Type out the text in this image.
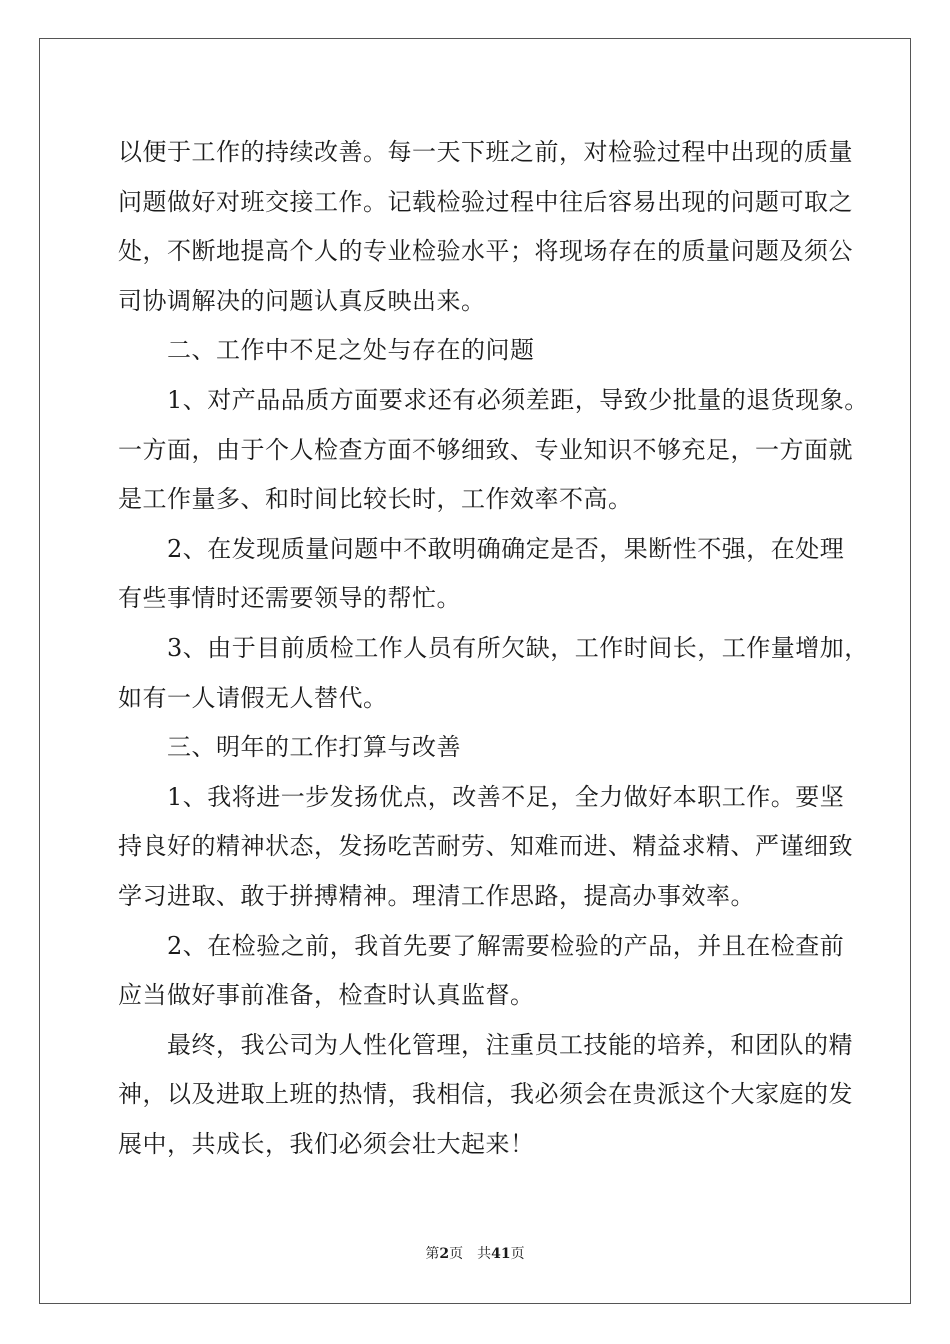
以便于工作的持续改善。每一天下班之前，对检验过程中出现的质量
问题做好对班交接工作。记载检验过程中往后容易出现的问题可取之
处，不断地提高个人的专业检验水平；将现场存在的质量问题及须公
司协调解决的问题认真反映出来。
　　二、工作中不足之处与存在的问题
　　1、对产品品质方面要求还有必须差距，导致少批量的退货现象。
一方面，由于个人检查方面不够细致、专业知识不够充足，一方面就
是工作量多、和时间比较长时，工作效率不高。
　　2、在发现质量问题中不敢明确确定是否，果断性不强，在处理
有些事情时还需要领导的帮忙。
　　3、由于目前质检工作人员有所欠缺，工作时间长，工作量增加，
如有一人请假无人替代。
　　三、明年的工作打算与改善
　　1、我将进一步发扬优点，改善不足，全力做好本职工作。要坚
持良好的精神状态，发扬吃苦耐劳、知难而进、精益求精、严谨细致
学习进取、敢于拼搏精神。理清工作思路，提高办事效率。
　　2、在检验之前，我首先要了解需要检验的产品，并且在检查前
应当做好事前准备，检查时认真监督。
　　最终，我公司为人性化管理，注重员工技能的培养，和团队的精
神，以及进取上班的热情，我相信，我必须会在贵派这个大家庭的发
展中，共成长，我们必须会壮大起来！
第2页 共41页
